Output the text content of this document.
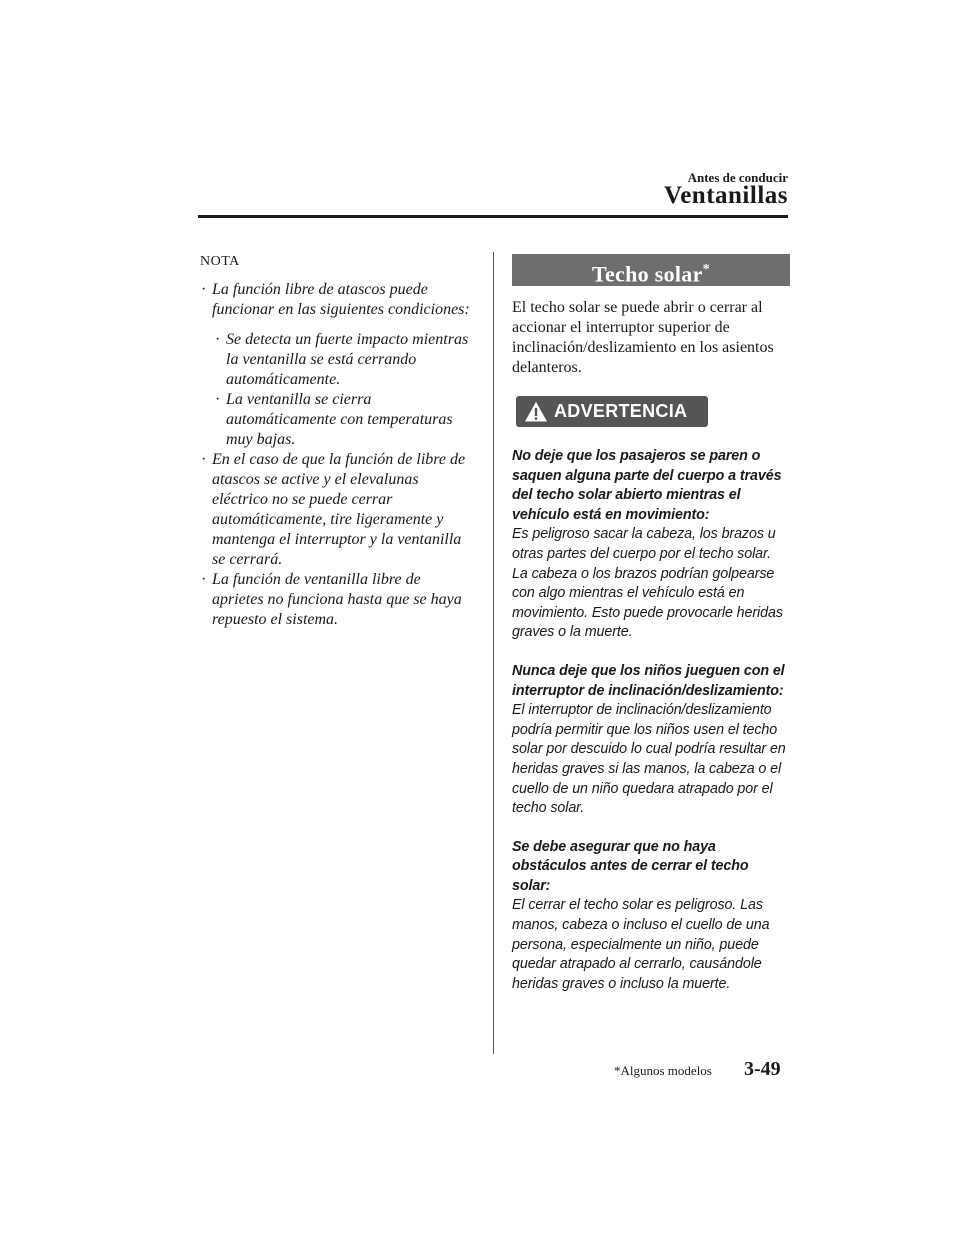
Antes de conducir
Ventanillas

NOTA

· La función libre de atascos puede funcionar en las siguientes condiciones:

· Se detecta un fuerte impacto mientras la ventanilla se está cerrando automáticamente.

· La ventanilla se cierra automáticamente con temperaturas muy bajas.

· En el caso de que la función de libre de atascos se active y el elevalunas eléctrico no se puede cerrar automáticamente, tire ligeramente y mantenga el interruptor y la ventanilla se cerrará.

· La función de ventanilla libre de aprietes no funciona hasta que se haya repuesto el sistema.

Techo solar*

El techo solar se puede abrir o cerrar al accionar el interruptor superior de inclinación/deslizamiento en los asientos delanteros.

ADVERTENCIA

No deje que los pasajeros se paren o saquen alguna parte del cuerpo a través del techo solar abierto mientras el vehículo está en movimiento:

Es peligroso sacar la cabeza, los brazos u otras partes del cuerpo por el techo solar. La cabeza o los brazos podrían golpearse con algo mientras el vehículo está en movimiento. Esto puede provocarle heridas graves o la muerte.

Nunca deje que los niños jueguen con el interruptor de inclinación/deslizamiento:

El interruptor de inclinación/deslizamiento podría permitir que los niños usen el techo solar por descuido lo cual podría resultar en heridas graves si las manos, la cabeza o el cuello de un niño quedara atrapado por el techo solar.

Se debe asegurar que no haya obstáculos antes de cerrar el techo solar:

El cerrar el techo solar es peligroso. Las manos, cabeza o incluso el cuello de una persona, especialmente un niño, puede quedar atrapado al cerrarlo, causándole heridas graves o incluso la muerte.

*Algunos modelos 3-49
